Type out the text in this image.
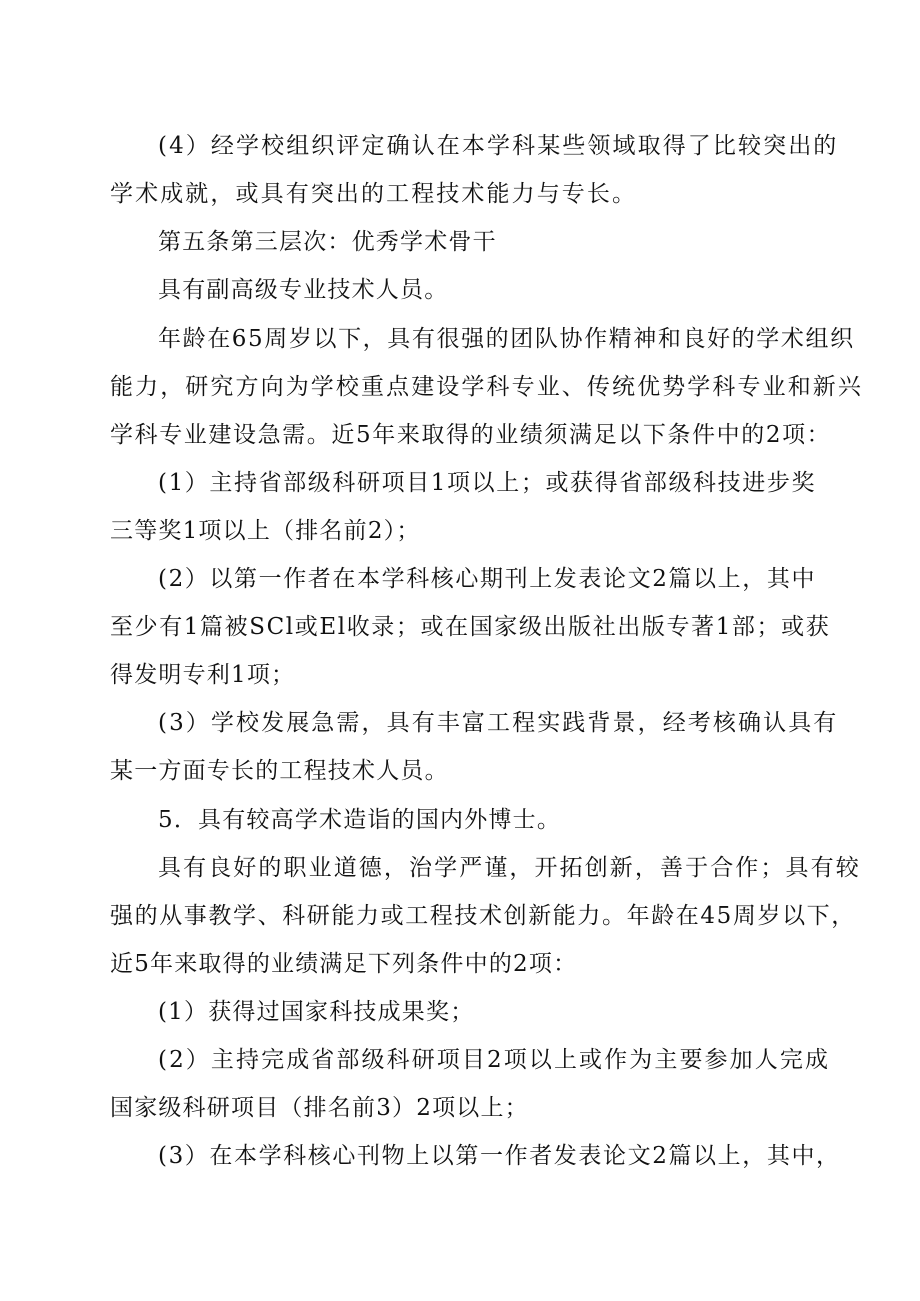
(4）经学校组织评定确认在本学科某些领域取得了比较突出的
学术成就，或具有突出的工程技术能力与专长。
第五条第三层次：优秀学术骨干
具有副高级专业技术人员。
年龄在65周岁以下，具有很强的团队协作精神和良好的学术组织
能力，研究方向为学校重点建设学科专业、传统优势学科专业和新兴
学科专业建设急需。近5年来取得的业绩须满足以下条件中的2项：
(1）主持省部级科研项目1项以上；或获得省部级科技进步奖
三等奖1项以上（排名前2）；
(2）以第一作者在本学科核心期刊上发表论文2篇以上，其中
至少有1篇被SCl或El收录；或在国家级出版社出版专著1部；或获
得发明专利1项；
(3）学校发展急需，具有丰富工程实践背景，经考核确认具有
某一方面专长的工程技术人员。
5．具有较高学术造诣的国内外博士。
具有良好的职业道德，治学严谨，开拓创新，善于合作；具有较
强的从事教学、科研能力或工程技术创新能力。年龄在45周岁以下，
近5年来取得的业绩满足下列条件中的2项：
(1）获得过国家科技成果奖；
(2）主持完成省部级科研项目2项以上或作为主要参加人完成
国家级科研项目（排名前3）2项以上；
(3）在本学科核心刊物上以第一作者发表论文2篇以上，其中，
